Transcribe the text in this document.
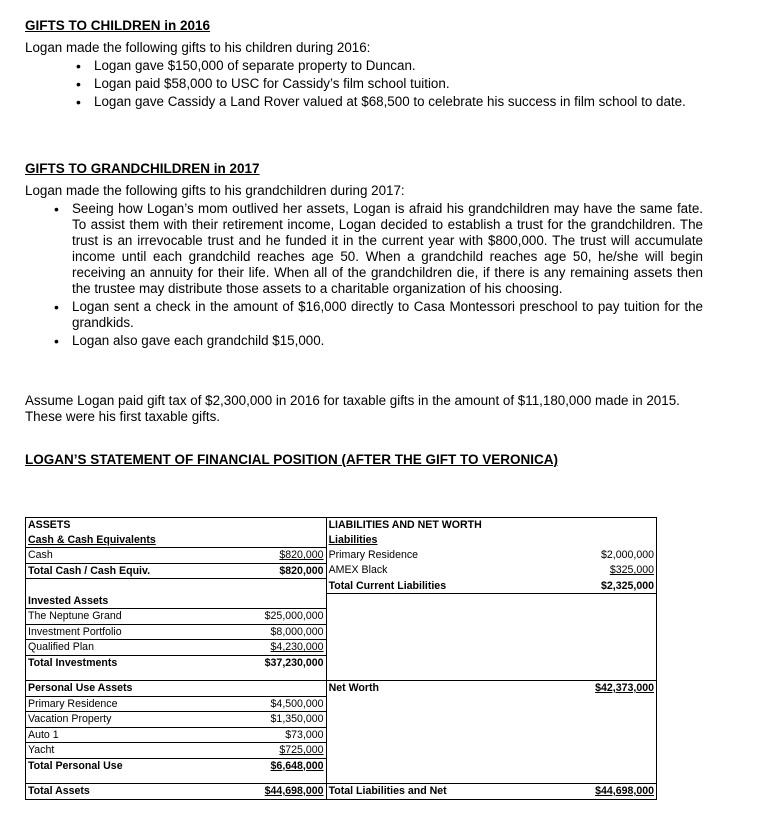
GIFTS TO CHILDREN in 2016
Logan made the following gifts to his children during 2016:
• Logan gave $150,000 of separate property to Duncan.
• Logan paid $58,000 to USC for Cassidy’s film school tuition.
• Logan gave Cassidy a Land Rover valued at $68,500 to celebrate his success in film school to date.
GIFTS TO GRANDCHILDREN in 2017
Logan made the following gifts to his grandchildren during 2017:
• Seeing how Logan’s mom outlived her assets, Logan is afraid his grandchildren may have the same fate. To assist them with their retirement income, Logan decided to establish a trust for the grandchildren. The trust is an irrevocable trust and he funded it in the current year with $800,000. The trust will accumulate income until each grandchild reaches age 50. When a grandchild reaches age 50, he/she will begin receiving an annuity for their life. When all of the grandchildren die, if there is any remaining assets then the trustee may distribute those assets to a charitable organization of his choosing.
• Logan sent a check in the amount of $16,000 directly to Casa Montessori preschool to pay tuition for the grandkids.
• Logan also gave each grandchild $15,000.
Assume Logan paid gift tax of $2,300,000 in 2016 for taxable gifts in the amount of $11,180,000 made in 2015. These were his first taxable gifts.
LOGAN’S STATEMENT OF FINANCIAL POSITION (AFTER THE GIFT TO VERONICA)
ASSETS		LIABILITIES AND NET WORTH	
Cash & Cash Equivalents		Liabilities	
Cash	$820,000	Primary Residence	$2,000,000
Total Cash / Cash Equiv.	$820,000	AMEX Black	$325,000
		Total Current Liabilities	$2,325,000
Invested Assets			
The Neptune Grand	$25,000,000		
Investment Portfolio	$8,000,000		
Qualified Plan	$4,230,000		
Total Investments	$37,230,000		

Personal Use Assets		Net Worth	$42,373,000
Primary Residence	$4,500,000		
Vacation Property	$1,350,000		
Auto 1	$73,000		
Yacht	$725,000		
Total Personal Use	$6,648,000		

Total Assets	$44,698,000	Total Liabilities and Net	$44,698,000
